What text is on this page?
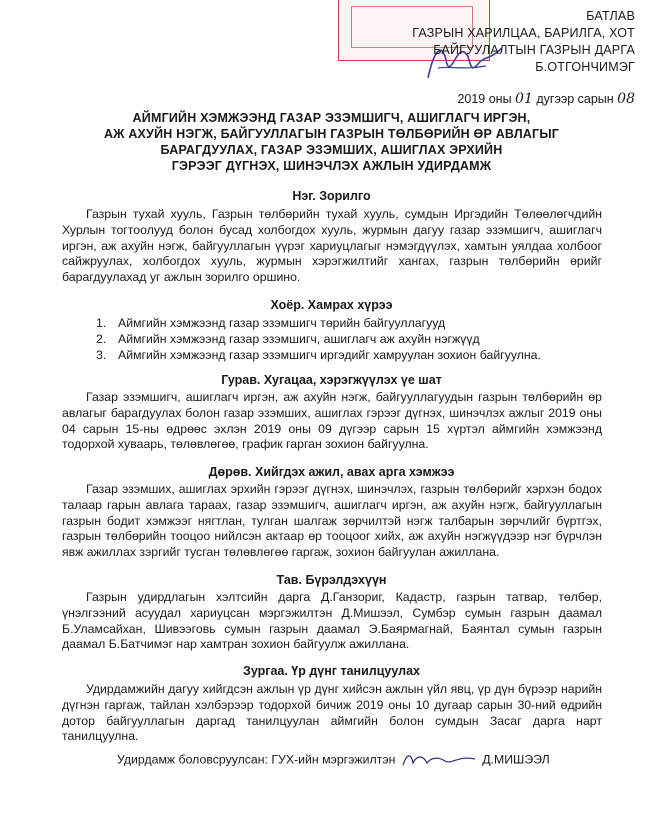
БАТЛАВ
ГАЗРЫН ХАРИЛЦАА, БАРИЛГА, ХОТ
БАЙГУУЛАЛТЫН ГАЗРЫН ДАРГА
Б.ОТГОНЧИМЭГ
2019 оны 01 дугээр сарын 08
АЙМГИЙН ХЭМЖЭЭНД ГАЗАР ЭЗЭМШИГЧ, АШИГЛАГЧ ИРГЭН,
АЖ АХУЙН НЭГЖ, БАЙГУУЛЛАГЫН ГАЗРЫН ТӨЛБӨРИЙН ӨР АВЛАГЫГ
БАРАГДУУЛАХ, ГАЗАР ЭЗЭМШИХ, АШИГЛАХ ЭРХИЙН
ГЭРЭЭГ ДҮГНЭХ, ШИНЭЧЛЭХ АЖЛЫН УДИРДАМЖ
Нэг. Зорилго
Газрын тухай хууль, Газрын төлбөрийн тухай хууль, сумдын Иргэдийн Төлөөлөгчдийн Хурлын тогтоолууд болон бусад холбогдох хууль, журмын дагуу газар эзэмшигч, ашиглагч иргэн, аж ахуйн нэгж, байгууллагын үүрэг хариуцлагыг нэмэгдүүлэх, хамтын уялдаа холбоог сайжруулах, холбогдох хууль, журмын хэрэгжилтийг хангах, газрын төлбөрийн өрийг барагдуулахад уг ажлын зорилго оршино.
Хоёр. Хамрах хүрээ
1. Аймгийн хэмжээнд газар эзэмшигч төрийн байгууллагууд
2. Аймгийн хэмжээнд газар эзэмшигч, ашиглагч аж ахуйн нэгжүүд
3. Аймгийн хэмжээнд газар эзэмшигч иргэдийг хамруулан зохион байгуулна.
Гурав. Хугацаа, хэрэгжүүлэх үе шат
Газар эзэмшигч, ашиглагч иргэн, аж ахуйн нэгж, байгууллагуудын газрын төлбөрийн өр авлагыг барагдуулах болон газар эзэмших, ашиглах гэрээг дүгнэх, шинэчлэх ажлыг 2019 оны 04 сарын 15-ны өдрөөс эхлэн 2019 оны 09 дүгээр сарын 15 хүртэл аймгийн хэмжээнд тодорхой хуваарь, төлөвлөгөө, график гарган зохион байгуулна.
Дөрөв. Хийгдэх ажил, авах арга хэмжээ
Газар эзэмших, ашиглах эрхийн гэрээг дүгнэх, шинэчлэх, газрын төлбөрийг хэрхэн бодох талаар гарын авлага тараах, газар эзэмшигч, ашиглагч иргэн, аж ахуйн нэгж, байгууллагын газрын бодит хэмжээг нягтлан, тулган шалгаж зөрчилтэй нэгж талбарын зөрчлийг бүртгэх, газрын төлбөрийн тооцоо нийлсэн актаар өр тооцоог хийх, аж ахуйн нэгжүүдээр нэг бүрчлэн явж ажиллах зэргийг тусган төлөвлөгөө гаргаж, зохион байгуулан ажиллана.
Тав. Бүрэлдэхүүн
Газрын удирдлагын хэлтсийн дарга Д.Ганзориг, Кадастр, газрын татвар, төлбөр, үнэлгээний асуудал хариуцсан мэргэжилтэн Д.Мишээл, Сумбэр сумын газрын даамал Б.Уламсайхан, Шивээговь сумын газрын даамал Э.Баярмагнай, Баянтал сумын газрын даамал Б.Батчимэг нар хамтран зохион байгуулж ажиллана.
Зургаа. Үр дүнг танилцуулах
Удирдамжийн дагуу хийгдсэн ажлын үр дүнг хийсэн ажлын үйл явц, үр дүн бүрээр нарийн дүгнэн гаргаж, тайлан хэлбэрээр тодорхой бичиж 2019 оны 10 дугаар сарын 30-ний өдрийн дотор байгууллагын даргад танилцуулан аймгийн болон сумдын Засаг дарга нарт танилцуулна.
Удирдамж боловсруулсан: ГУХ-ийн мэргэжилтэн	Д.МИШЭЭЛ
